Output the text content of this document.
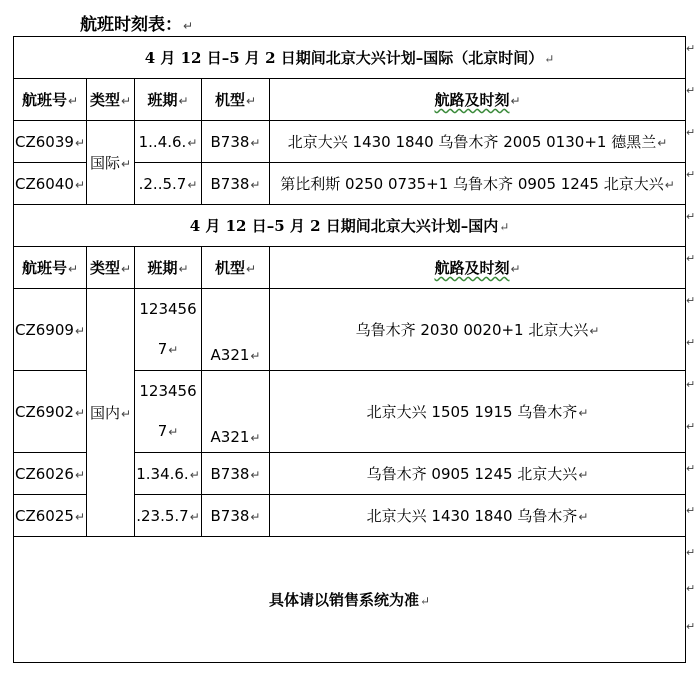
航班时刻表：↵
4 月 12 日–5 月 2 日期间北京大兴计划–国际（北京时间）↵				
航班号↵	类型↵	班期↵	机型↵	航路及时刻↵
CZ6039↵	国际↵	1..4.6.↵	B738↵	北京大兴 1430 1840 乌鲁木齐 2005 0130+1 德黑兰↵
CZ6040↵		.2..5.7↵	B738↵	第比利斯 0250 0735+1 乌鲁木齐 0905 1245 北京大兴↵
4 月 12 日–5 月 2 日期间北京大兴计划–国内↵				
航班号↵	类型↵	班期↵	机型↵	航路及时刻↵
CZ6909↵	国内↵	123456
7↵	A321↵	乌鲁木齐 2030 0020+1 北京大兴↵
CZ6902↵		123456
7↵	A321↵	北京大兴 1505 1915 乌鲁木齐↵
CZ6026↵		1.34.6.↵	B738↵	乌鲁木齐 0905 1245 北京大兴↵
CZ6025↵		.23.5.7↵	B738↵	北京大兴 1430 1840 乌鲁木齐↵
具体请以销售系统为准↵				
↵
↵
↵
↵
↵
↵
↵
↵
↵
↵
↵
↵
↵
↵
↵
